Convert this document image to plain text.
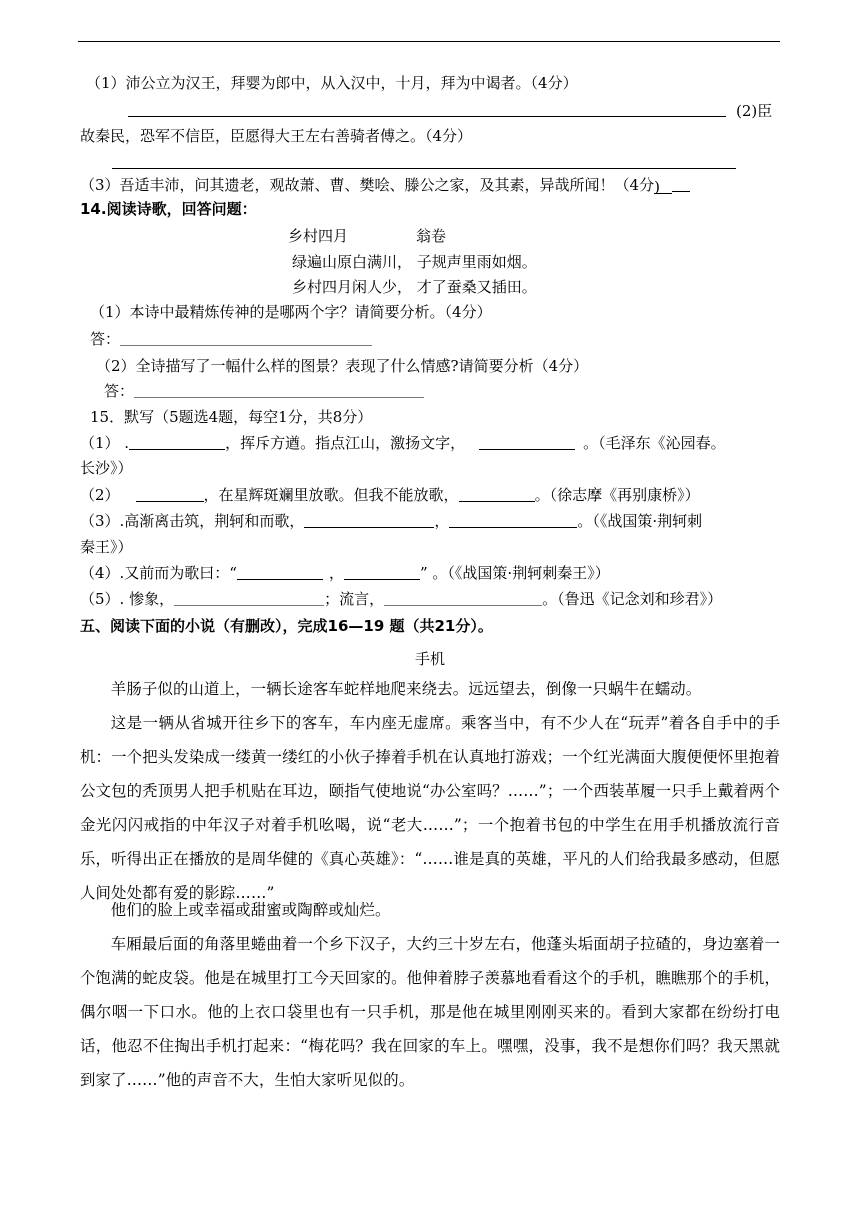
（1）沛公立为汉王，拜婴为郎中，从入汉中，十月，拜为中谒者。（4分）
(2)臣
故秦民，恐军不信臣，臣愿得大王左右善骑者傅之。（4分）
（3）吾适丰沛，问其遗老，观故萧、曹、樊哙、滕公之家，及其素，异哉所闻！（4分)
14.阅读诗歌，回答问题：
乡村四月	翁卷
绿遍山原白满川， 子规声里雨如烟。
乡村四月闲人少， 才了蚕桑又插田。
（1）本诗中最精炼传神的是哪两个字？请简要分析。（4分）
答：
（2）全诗描写了一幅什么样的图景？表现了什么情感?请简要分析（4分）
答：
15．默写（5题选4题，每空1分，共8分）
（1） .	，挥斥方遒。指点江山，激扬文字，	。（毛泽东《沁园春。
长沙》）
（2）	，在星辉斑斓里放歌。但我不能放歌，	。（徐志摩《再别康桥》）
（3）.高渐离击筑，荆轲和而歌，	，	。（《战国策·荆轲刺
秦王》）
（4）.又前而为歌曰：“	，	” 。（《战国策·荆轲刺秦王》）
（5）. 惨象，	；流言，	。（鲁迅《记念刘和珍君》）
五、阅读下面的小说（有删改），完成16—19 题（共21分）。
手机
羊肠子似的山道上，一辆长途客车蛇样地爬来绕去。远远望去，倒像一只蜗牛在蠕动。
这是一辆从省城开往乡下的客车，车内座无虚席。乘客当中，有不少人在“玩弄”着各自手中的手机：一个把头发染成一缕黄一缕红的小伙子捧着手机在认真地打游戏；一个红光满面大腹便便怀里抱着公文包的秃顶男人把手机贴在耳边，颐指气使地说“办公室吗？……”；一个西装革履一只手上戴着两个金光闪闪戒指的中年汉子对着手机吆喝，说“老大……”；一个抱着书包的中学生在用手机播放流行音乐，听得出正在播放的是周华健的《真心英雄》：“……谁是真的英雄，平凡的人们给我最多感动，但愿人间处处都有爱的影踪……”
他们的脸上或幸福或甜蜜或陶醉或灿烂。
车厢最后面的角落里蜷曲着一个乡下汉子，大约三十岁左右，他蓬头垢面胡子拉碴的，身边塞着一个饱满的蛇皮袋。他是在城里打工今天回家的。他伸着脖子羡慕地看看这个的手机，瞧瞧那个的手机，偶尔咽一下口水。他的上衣口袋里也有一只手机，那是他在城里刚刚买来的。看到大家都在纷纷打电话，他忍不住掏出手机打起来：“梅花吗？我在回家的车上。嘿嘿，没事，我不是想你们吗？我天黑就到家了……”他的声音不大，生怕大家听见似的。
